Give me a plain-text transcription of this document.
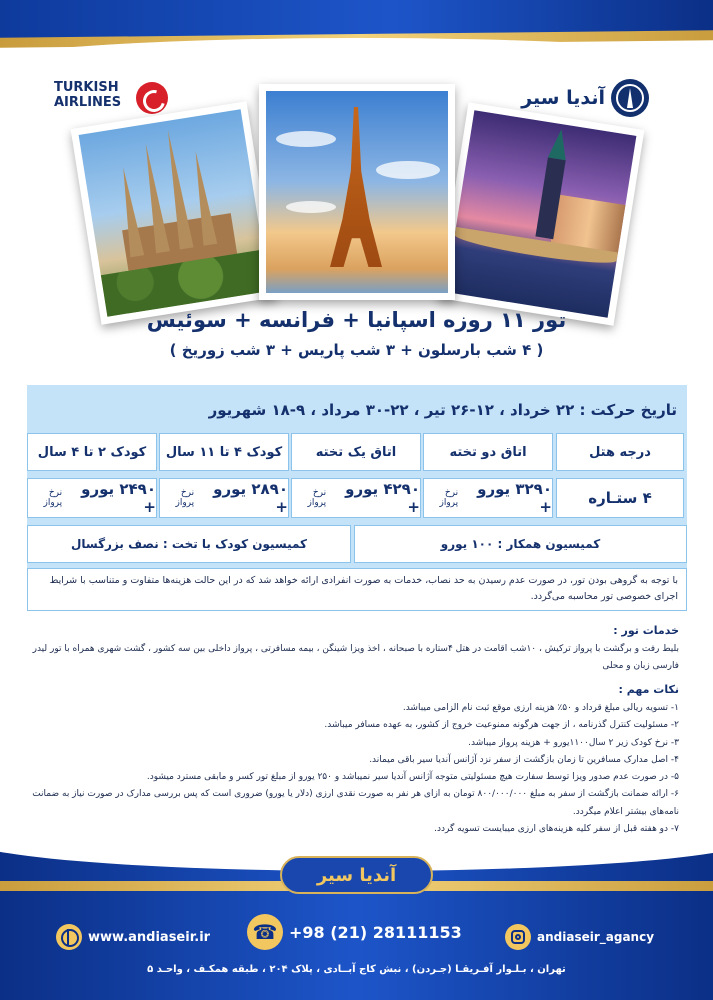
TURKISH
AIRLINES	آندیا سیر
تور ۱۱ روزه اسپانیا + فرانسه + سوئیس
( ۴ شب بارسلون + ۳ شب پاریس + ۳ شب زوریخ )
تاریخ حرکت : ۲۲ خرداد ، ۱۲-۲۶ تیر ، ۲۲-۳۰ مرداد ، ۹-۱۸ شهریور
درجه هتل
اتاق دو تخته
اتاق یک تخته
کودک ۴ تا ۱۱ سال
کودک ۲ تا ۴ سال
۴ ستـاره
۳۲۹۰ یورو +
نرخ پرواز
۴۲۹۰ یورو +
نرخ پرواز
۲۸۹۰ یورو +
نرخ پرواز
۲۴۹۰ یورو +
نرخ پرواز
کمیسیون همکار : ۱۰۰ یورو
کمیسیون کودک با تخت : نصف بزرگسال
با توجه به گروهی بودن تور، در صورت عدم رسیدن به حد نصاب، خدمات به صورت انفرادی ارائه خواهد شد که در این حالت هزینه‌ها متفاوت و متناسب با شرایط اجرای خصوصی تور محاسبه می‌گردد.
خدمات تور :
بلیط رفت و برگشت با پرواز ترکیش ، ۱۰شب اقامت در هتل ۴ستاره با صبحانه ، اخذ ویزا شینگن ، بیمه مسافرتی ، پرواز داخلی بین سه کشور ، گشت شهری همراه با تور لیدر فارسی زبان و محلی
نکات مهم :
۱- تسویه ریالی مبلغ قرداد و ۵۰٪ هزینه ارزی موقع ثبت نام الزامی میباشد.
۲- مسئولیت کنترل گذرنامه ، از جهت هرگونه ممنوعیت خروج از کشور، به عهده مسافر میباشد.
۳- نرخ کودک زیر ۲ سال۱۱۰۰یورو + هزینه پرواز میباشد.
۴- اصل مدارک مسافرین تا زمان بازگشت از سفر نزد آژانس آندیا سیر باقی میماند.
۵- در صورت عدم صدور ویزا توسط سفارت هیچ مسئولیتی متوجه آژانس آندیا سیر نمیباشد و ۲۵۰ یورو از مبلغ تور کسر و مابقی مسترد میشود.
۶- ارائه ضمانت بازگشت از سفر به مبلغ ۸۰۰/۰۰۰/۰۰۰ تومان به ازای هر نفر به صورت نقدی ارزی (دلار یا یورو) ضروری است که پس بررسی مدارک در صورت نیاز به ضمانت نامه‌های بیشتر اعلام میگردد.
۷- دو هفته قبل از سفر کلیه هزینه‌های ارزی میبایست تسویه گردد.
آندیا سیر
www.andiaseir.ir
☎	+98 (21) 28111153	andiaseir_agancy
تهران ، بـلـوار آفـریقـا (جـردن) ، نبش کاج آبــادی ، پلاک ۲۰۴ ، طبقه همکـف ، واحـد ۵
